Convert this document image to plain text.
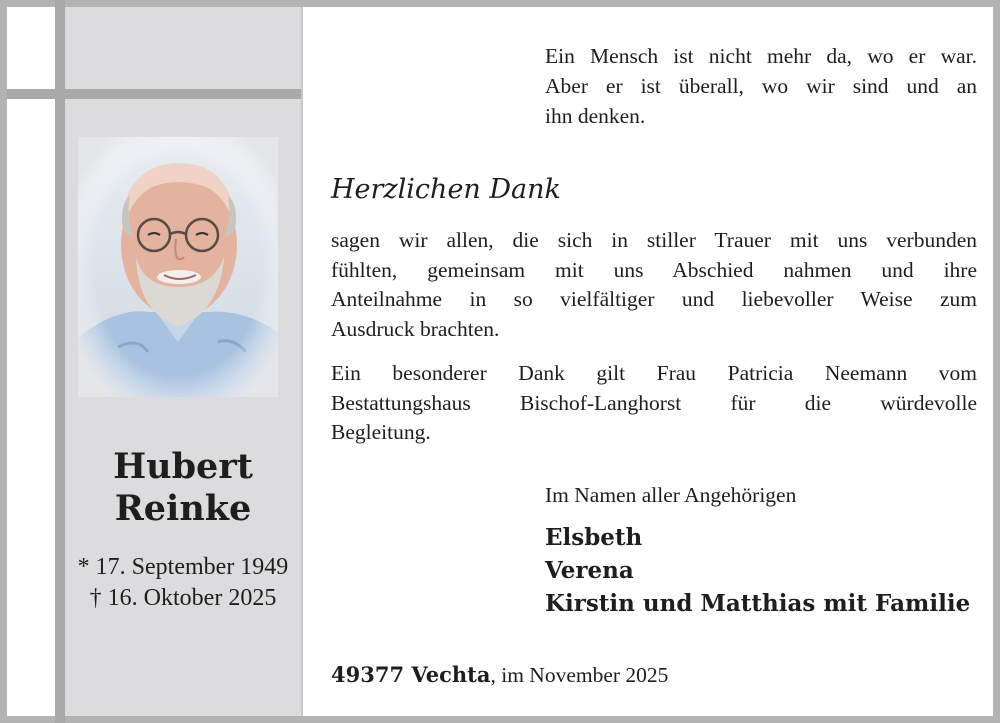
Hubert
Reinke
* 17. September 1949
† 16. Oktober 2025
Ein Mensch ist nicht mehr da, wo er war.
Aber er ist überall, wo wir sind und an
ihn denken.
Herzlichen Dank
sagen wir allen, die sich in stiller Trauer mit uns verbunden
fühlten, gemeinsam mit uns Abschied nahmen und ihre
Anteilnahme in so vielfältiger und liebevoller Weise zum
Ausdruck brachten.
Ein besonderer Dank gilt Frau Patricia Neemann vom
Bestattungshaus Bischof-Langhorst für die würdevolle
Begleitung.
Im Namen aller Angehörigen
Elsbeth
Verena
Kirstin und Matthias mit Familie
49377 Vechta, im November 2025
